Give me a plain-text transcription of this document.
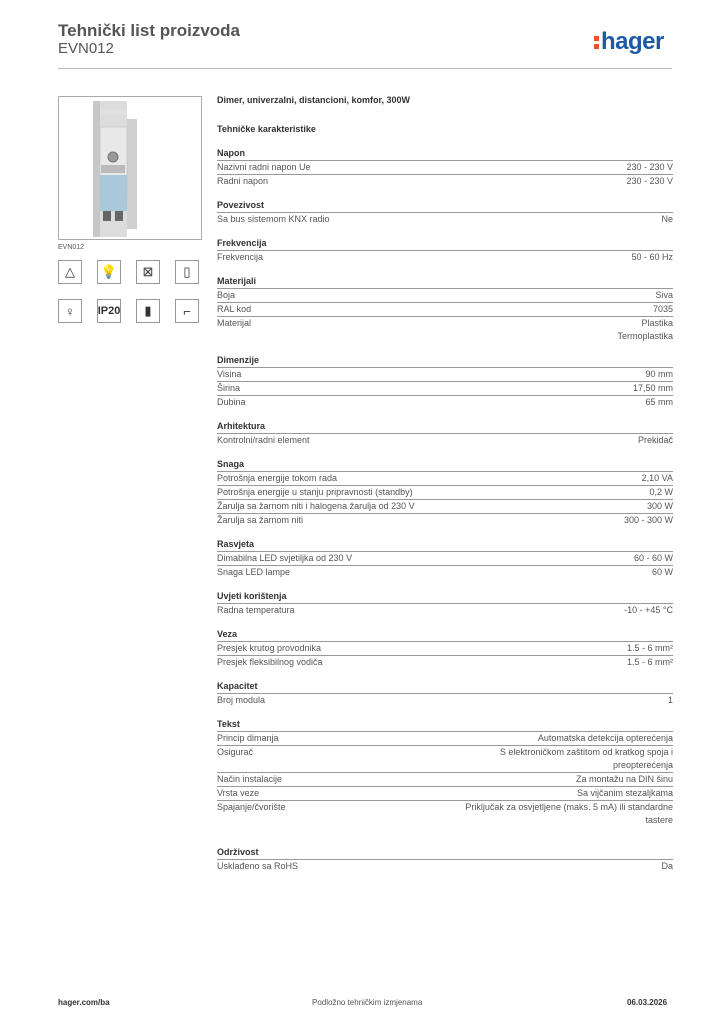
Tehnički list proizvoda
EVN012	hager
EVN012
△	💡	⊠	▯
♀	IP20	▮	⌐
Dimer, univerzalni, distancioni, komfor, 300W
Tehničke karakteristike
Napon
Nazivni radni napon Ue	230 - 230 V
Radni napon	230 - 230 V
Povezivost
Sa bus sistemom KNX radio	Ne
Frekvencija
Frekvencija	50 - 60 Hz
Materijali
Boja	Siva
RAL kod	7035
Materijal	Plastika
Termoplastika
Dimenzije
Visina	90 mm
Širina	17,50 mm
Dubina	65 mm
Arhitektura
Kontrolni/radni element	Prekidač
Snaga
Potrošnja energije tokom rada	2,10 VA
Potrošnja energije u stanju pripravnosti (standby)	0,2 W
Žarulja sa žarnom niti i halogena žarulja od 230 V	300 W
Žarulja sa žarnom niti	300 - 300 W
Rasvjeta
Dimabilna LED svjetiljka od 230 V	60 - 60 W
Snaga LED lampe	60 W
Uvjeti korištenja
Radna temperatura	-10 - +45 °C
Veza
Presjek krutog provodnika	1.5 - 6 mm²
Presjek fleksibilnog vodiča	1.5 - 6 mm²
Kapacitet
Broj modula	1
Tekst
Princip dimanja	Automatska detekcija opterećenja
Osigurač	S elektroničkom zaštitom od kratkog spoja i
preopterećenja
Način instalacije	Za montažu na DIN šinu
Vrsta veze	Sa vijčanim stezaljkama
Spajanje/čvorište	Priključak za osvjetljene (maks. 5 mA) ili standardne
tastere
Održivost
Usklađeno sa RoHS	Da
hager.com/ba	Podložno tehničkim izmjenama	06.03.2026
